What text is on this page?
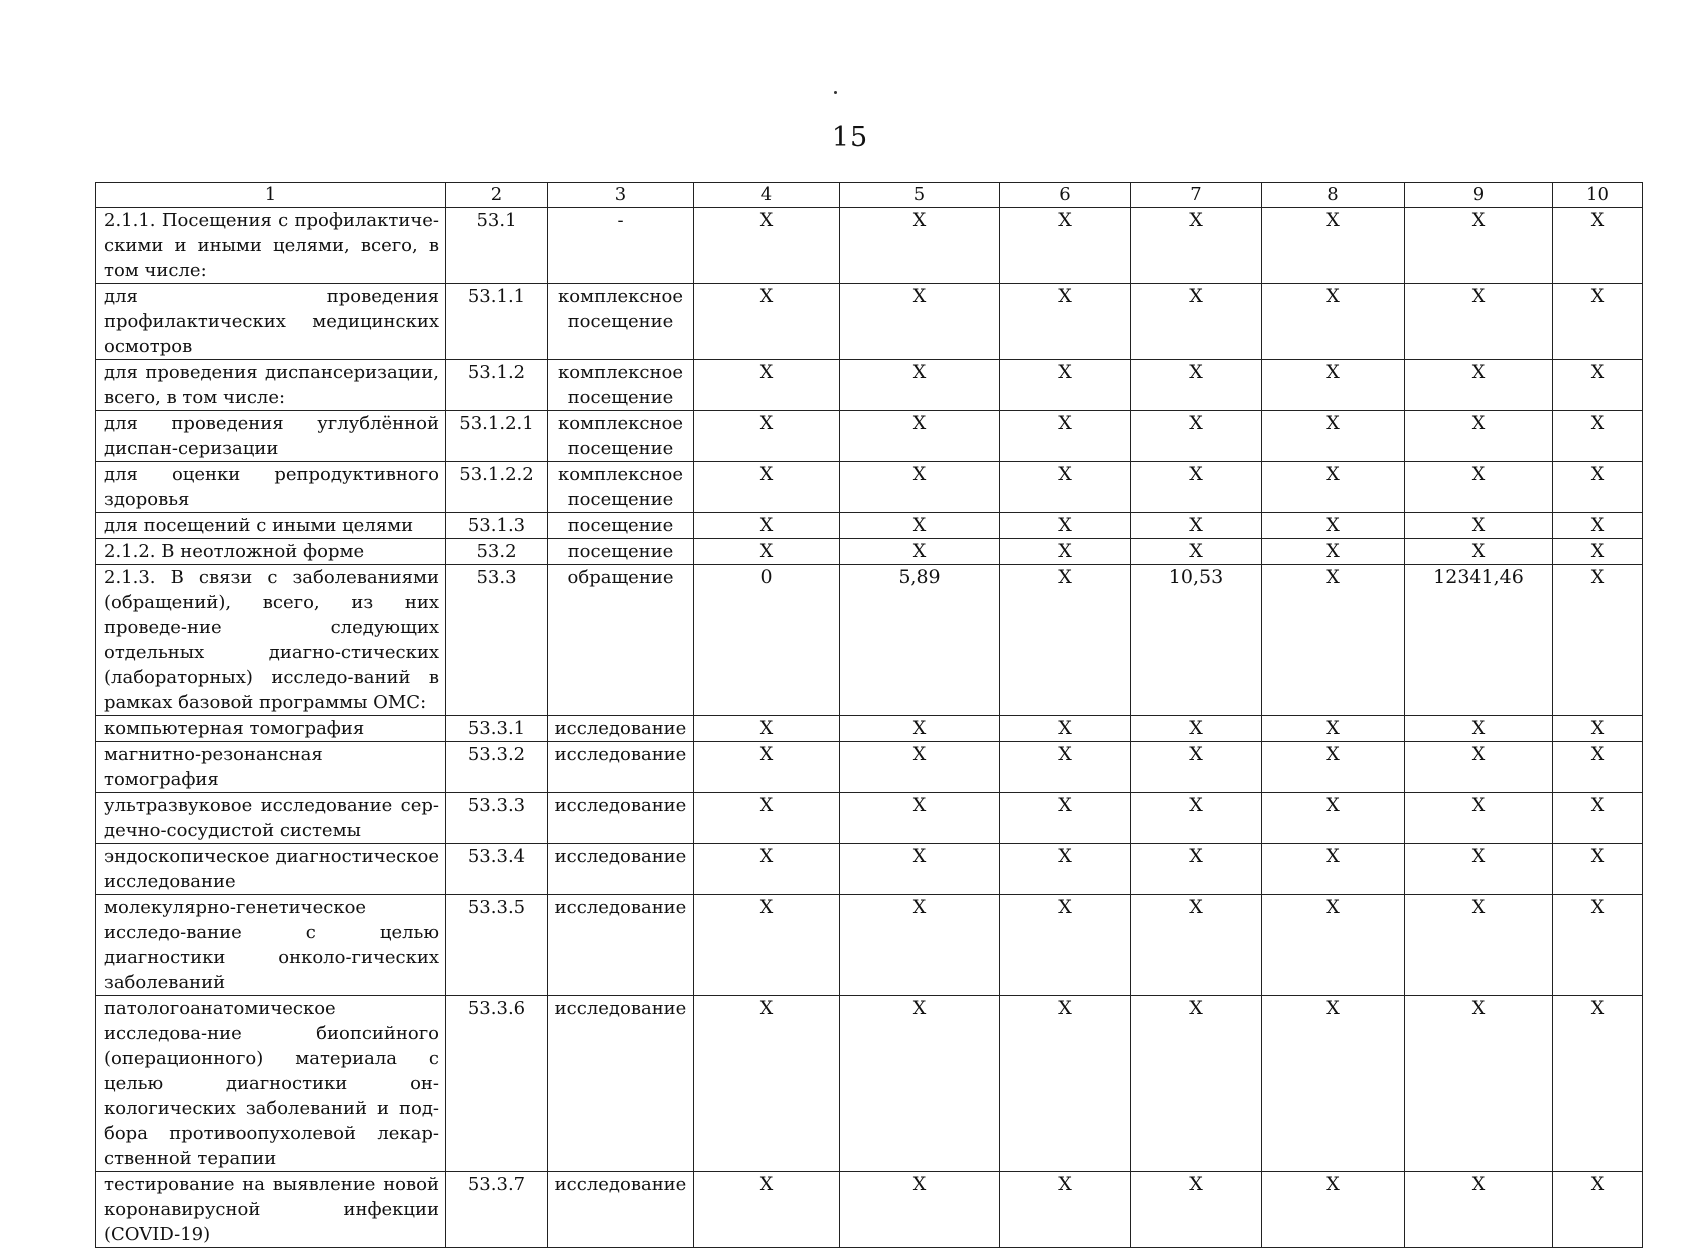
15
1	2	3	4	5	6	7	8	9	10
2.1.1. Посещения с профилактиче-скими и иными целями, всего, в том числе:	53.1	-	Х	Х	Х	Х	Х	Х	Х
для проведения профилактических медицинских осмотров	53.1.1	комплексное посещение	Х	Х	Х	Х	Х	Х	Х
для проведения диспансеризации, всего, в том числе:	53.1.2	комплексное посещение	Х	Х	Х	Х	Х	Х	Х
для проведения углублённой диспан-серизации	53.1.2.1	комплексное посещение	Х	Х	Х	Х	Х	Х	Х
для оценки репродуктивного здоровья	53.1.2.2	комплексное посещение	Х	Х	Х	Х	Х	Х	Х
для посещений с иными целями	53.1.3	посещение	Х	Х	Х	Х	Х	Х	Х
2.1.2. В неотложной форме	53.2	посещение	Х	Х	Х	Х	Х	Х	Х
2.1.3. В связи с заболеваниями (обращений), всего, из них проведе-ние следующих отдельных диагно-стических (лабораторных) исследо-ваний в рамках базовой программы ОМС:	53.3	обращение	0	5,89	Х	10,53	Х	12341,46	Х
компьютерная томография	53.3.1	исследование	Х	Х	Х	Х	Х	Х	Х
магнитно-резонансная томография	53.3.2	исследование	Х	Х	Х	Х	Х	Х	Х
ультразвуковое исследование сер-дечно-сосудистой системы	53.3.3	исследование	Х	Х	Х	Х	Х	Х	Х
эндоскопическое диагностическое исследование	53.3.4	исследование	Х	Х	Х	Х	Х	Х	Х
молекулярно-генетическое исследо-вание с целью диагностики онколо-гических заболеваний	53.3.5	исследование	Х	Х	Х	Х	Х	Х	Х
патологоанатомическое исследова-ние биопсийного (операционного) материала с целью диагностики он-кологических заболеваний и под-бора противоопухолевой лекар-ственной терапии	53.3.6	исследование	Х	Х	Х	Х	Х	Х	Х
тестирование на выявление новой коронавирусной инфекции (COVID-19)	53.3.7	исследование	Х	Х	Х	Х	Х	Х	Х
